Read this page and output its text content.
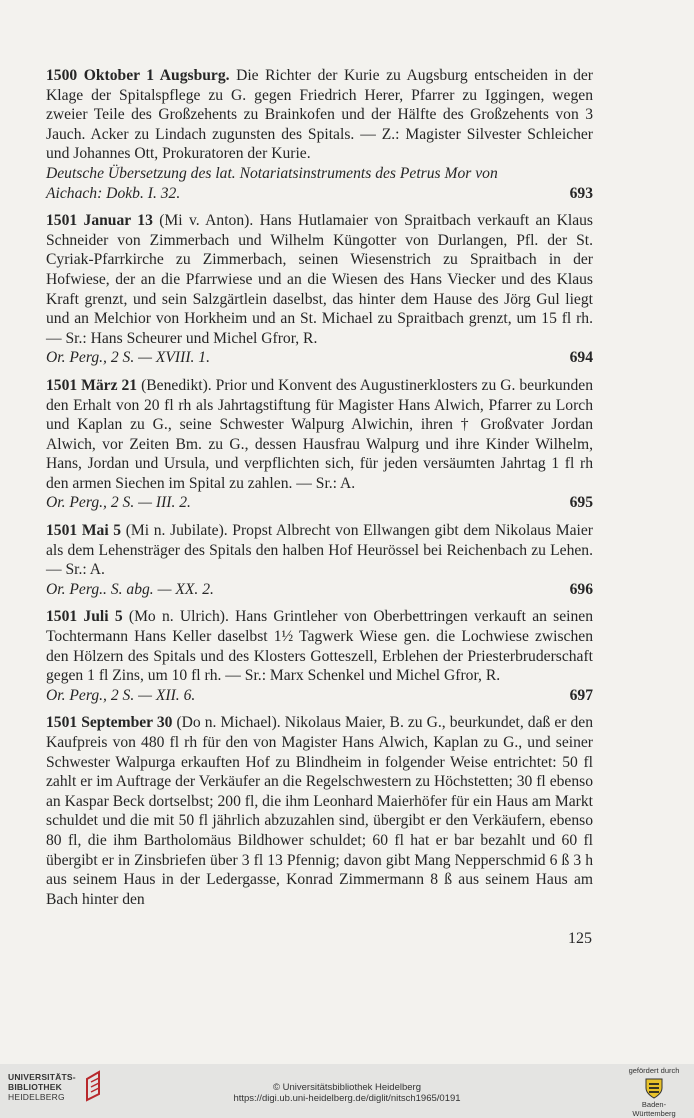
1500 Oktober 1 Augsburg. Die Richter der Kurie zu Augsburg entscheiden in der Klage der Spitalspflege zu G. gegen Friedrich Herer, Pfarrer zu Iggingen, wegen zweier Teile des Großzehents zu Brainkofen und der Hälfte des Großzehents von 3 Jauch. Acker zu Lindach zugunsten des Spitals. — Z.: Magister Silvester Schleicher und Johannes Ott, Prokuratoren der Kurie.

Deutsche Übersetzung des lat. Notariatsinstruments des Petrus Mor von
Aichach: Dokb. I. 32.	693

1501 Januar 13 (Mi v. Anton). Hans Hutlamaier von Spraitbach verkauft an Klaus Schneider von Zimmerbach und Wilhelm Küngotter von Durlangen, Pfl. der St. Cyriak-Pfarrkirche zu Zimmerbach, seinen Wiesenstrich zu Spraitbach in der Hofwiese, der an die Pfarrwiese und an die Wiesen des Hans Viecker und des Klaus Kraft grenzt, und sein Salzgärtlein daselbst, das hinter dem Hause des Jörg Gul liegt und an Melchior von Horkheim und an St. Michael zu Spraitbach grenzt, um 15 fl rh. — Sr.: Hans Scheurer und Michel Gfror, R.

Or. Perg., 2 S. — XVIII. 1.	694

1501 März 21 (Benedikt). Prior und Konvent des Augustinerklosters zu G. beurkunden den Erhalt von 20 fl rh als Jahrtagstiftung für Magister Hans Alwich, Pfarrer zu Lorch und Kaplan zu G., seine Schwester Walpurg Alwichin, ihren † Großvater Jordan Alwich, vor Zeiten Bm. zu G., dessen Hausfrau Walpurg und ihre Kinder Wilhelm, Hans, Jordan und Ursula, und verpflichten sich, für jeden versäumten Jahrtag 1 fl rh den armen Siechen im Spital zu zahlen. — Sr.: A.

Or. Perg., 2 S. — III. 2.	695

1501 Mai 5 (Mi n. Jubilate). Propst Albrecht von Ellwangen gibt dem Nikolaus Maier als dem Lehensträger des Spitals den halben Hof Heurössel bei Reichenbach zu Lehen. — Sr.: A.

Or. Perg.. S. abg. — XX. 2.	696

1501 Juli 5 (Mo n. Ulrich). Hans Grintleher von Oberbettringen verkauft an seinen Tochtermann Hans Keller daselbst 1½ Tagwerk Wiese gen. die Lochwiese zwischen den Hölzern des Spitals und des Klosters Gotteszell, Erblehen der Priesterbruderschaft gegen 1 fl Zins, um 10 fl rh. — Sr.: Marx Schenkel und Michel Gfror, R.

Or. Perg., 2 S. — XII. 6.	697

1501 September 30 (Do n. Michael). Nikolaus Maier, B. zu G., beurkundet, daß er den Kaufpreis von 480 fl rh für den von Magister Hans Alwich, Kaplan zu G., und seiner Schwester Walpurga erkauften Hof zu Blindheim in folgender Weise entrichtet: 50 fl zahlt er im Auftrage der Verkäufer an die Regelschwestern zu Höchstetten; 30 fl ebenso an Kaspar Beck dortselbst; 200 fl, die ihm Leonhard Maierhöfer für ein Haus am Markt schuldet und die mit 50 fl jährlich abzuzahlen sind, übergibt er den Verkäufern, ebenso 80 fl, die ihm Bartholomäus Bildhower schuldet; 60 fl hat er bar bezahlt und 60 fl übergibt er in Zinsbriefen über 3 fl 13 Pfennig; davon gibt Mang Nepperschmid 6 ß 3 h aus seinem Haus in der Ledergasse, Konrad Zimmermann 8 ß aus seinem Haus am Bach hinter den

125
UNIVERSITÄTS-
BIBLIOTHEK
HEIDELBERG
© Universitätsbibliothek Heidelberg
https://digi.ub.uni-heidelberg.de/diglit/nitsch1965/0191
gefördert durch
Baden-Württemberg
